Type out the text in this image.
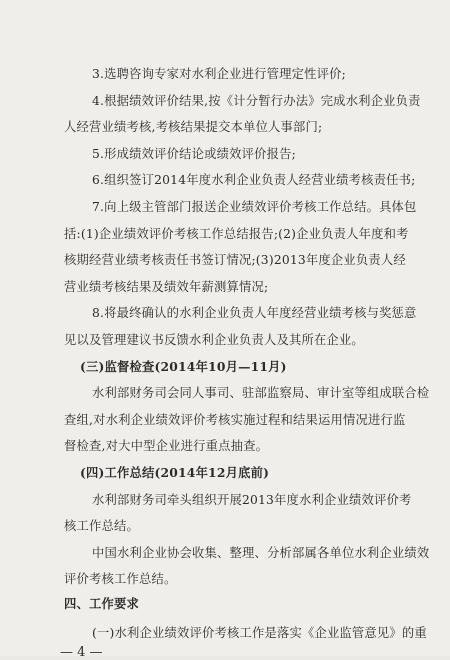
3.选聘咨询专家对水利企业进行管理定性评价;
4.根据绩效评价结果,按《计分暂行办法》完成水利企业负责
人经营业绩考核,考核结果提交本单位人事部门;
5.形成绩效评价结论或绩效评价报告;
6.组织签订2014年度水利企业负责人经营业绩考核责任书;
7.向上级主管部门报送企业绩效评价考核工作总结。具体包
括:(1)企业绩效评价考核工作总结报告;(2)企业负责人年度和考
核期经营业绩考核责任书签订情况;(3)2013年度企业负责人经
营业绩考核结果及绩效年薪测算情况;
8.将最终确认的水利企业负责人年度经营业绩考核与奖惩意
见以及管理建议书反馈水利企业负责人及其所在企业。
(三)监督检查(2014年10月—11月)
水利部财务司会同人事司、驻部监察局、审计室等组成联合检
查组,对水利企业绩效评价考核实施过程和结果运用情况进行监
督检查,对大中型企业进行重点抽查。
(四)工作总结(2014年12月底前)
水利部财务司牵头组织开展2013年度水利企业绩效评价考
核工作总结。
中国水利企业协会收集、整理、分析部属各单位水利企业绩效
评价考核工作总结。
四、工作要求
(一)水利企业绩效评价考核工作是落实《企业监管意见》的重
— 4 —
